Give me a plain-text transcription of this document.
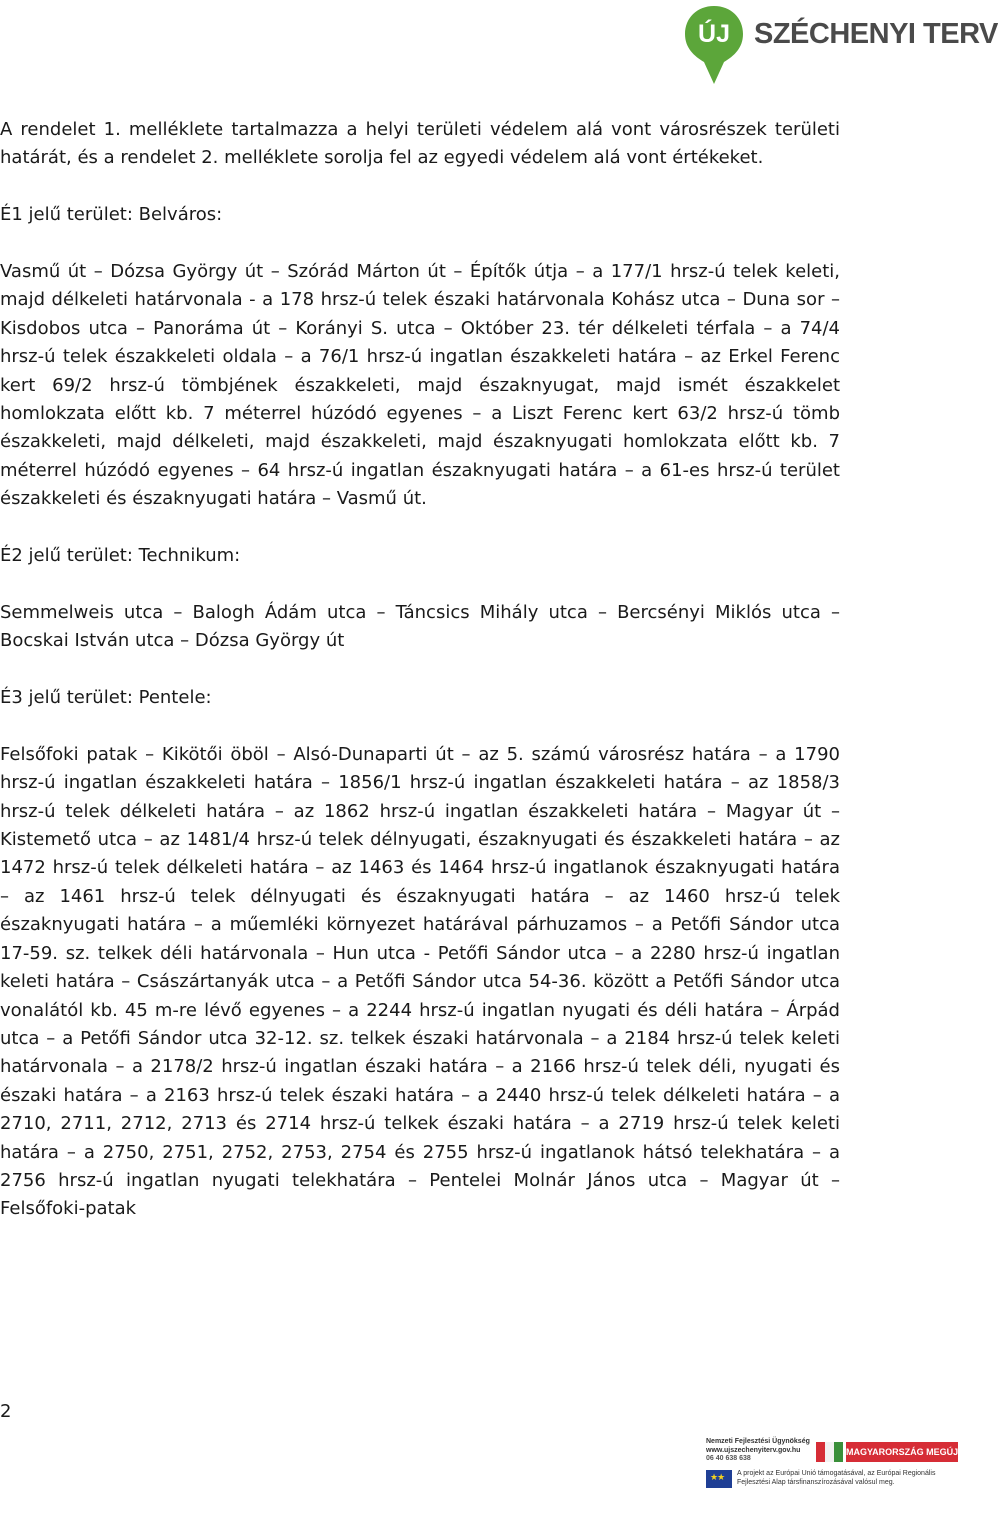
ÚJ SZÉCHENYI TERV

A rendelet 1. melléklete tartalmazza a helyi területi védelem alá vont városrészek területi határát, és a rendelet 2. melléklete sorolja fel az egyedi védelem alá vont értékeket.

É1 jelű terület: Belváros:

Vasmű út – Dózsa György út – Szórád Márton út – Építők útja – a 177/1 hrsz-ú telek keleti, majd délkeleti határvonala - a 178 hrsz-ú telek északi határvonala Kohász utca – Duna sor – Kisdobos utca – Panoráma út – Korányi S. utca – Október 23. tér délkeleti térfala – a 74/4 hrsz-ú telek északkeleti oldala – a 76/1 hrsz-ú ingatlan északkeleti határa – az Erkel Ferenc kert 69/2 hrsz-ú tömbjének északkeleti, majd északnyugat, majd ismét északkelet homlokzata előtt kb. 7 méterrel húzódó egyenes – a Liszt Ferenc kert 63/2 hrsz-ú tömb északkeleti, majd délkeleti, majd északkeleti, majd északnyugati homlokzata előtt kb. 7 méterrel húzódó egyenes – 64 hrsz-ú ingatlan északnyugati határa – a 61-es hrsz-ú terület északkeleti és északnyugati határa – Vasmű út.

É2 jelű terület: Technikum:

Semmelweis utca – Balogh Ádám utca – Táncsics Mihály utca – Bercsényi Miklós utca – Bocskai István utca – Dózsa György út

É3 jelű terület: Pentele:

Felsőfoki patak – Kikötői öböl – Alsó-Dunaparti út – az 5. számú városrész határa – a 1790 hrsz-ú ingatlan északkeleti határa – 1856/1 hrsz-ú ingatlan északkeleti határa – az 1858/3 hrsz-ú telek délkeleti határa – az 1862 hrsz-ú ingatlan északkeleti határa – Magyar út – Kistemető utca – az 1481/4 hrsz-ú telek délnyugati, északnyugati és északkeleti határa – az 1472 hrsz-ú telek délkeleti határa – az 1463 és 1464 hrsz-ú ingatlanok északnyugati határa – az 1461 hrsz-ú telek délnyugati és északnyugati határa – az 1460 hrsz-ú telek északnyugati határa – a műemléki környezet határával párhuzamos – a Petőfi Sándor utca 17-59. sz. telkek déli határvonala – Hun utca - Petőfi Sándor utca – a 2280 hrsz-ú ingatlan keleti határa – Császártanyák utca – a Petőfi Sándor utca 54-36. között a Petőfi Sándor utca vonalától kb. 45 m-re lévő egyenes – a 2244 hrsz-ú ingatlan nyugati és déli határa – Árpád utca – a Petőfi Sándor utca 32-12. sz. telkek északi határvonala – a 2184 hrsz-ú telek keleti határvonala – a 2178/2 hrsz-ú ingatlan északi határa – a 2166 hrsz-ú telek déli, nyugati és északi határa – a 2163 hrsz-ú telek északi határa – a 2440 hrsz-ú telek délkeleti határa – a 2710, 2711, 2712, 2713 és 2714 hrsz-ú telkek északi határa – a 2719 hrsz-ú telek keleti határa – a 2750, 2751, 2752, 2753, 2754 és 2755 hrsz-ú ingatlanok hátsó telekhatára – a 2756 hrsz-ú ingatlan nyugati telekhatára – Pentelei Molnár János utca – Magyar út – Felsőfoki-patak

2
Nemzeti Fejlesztési Ügynökség
www.ujszechenyiterv.gov.hu
06 40 638 638
MAGYARORSZÁG MEGÚJUL
★★ A projekt az Európai Unió támogatásával, az Európai Regionális Fejlesztési Alap társfinanszírozásával valósul meg.
